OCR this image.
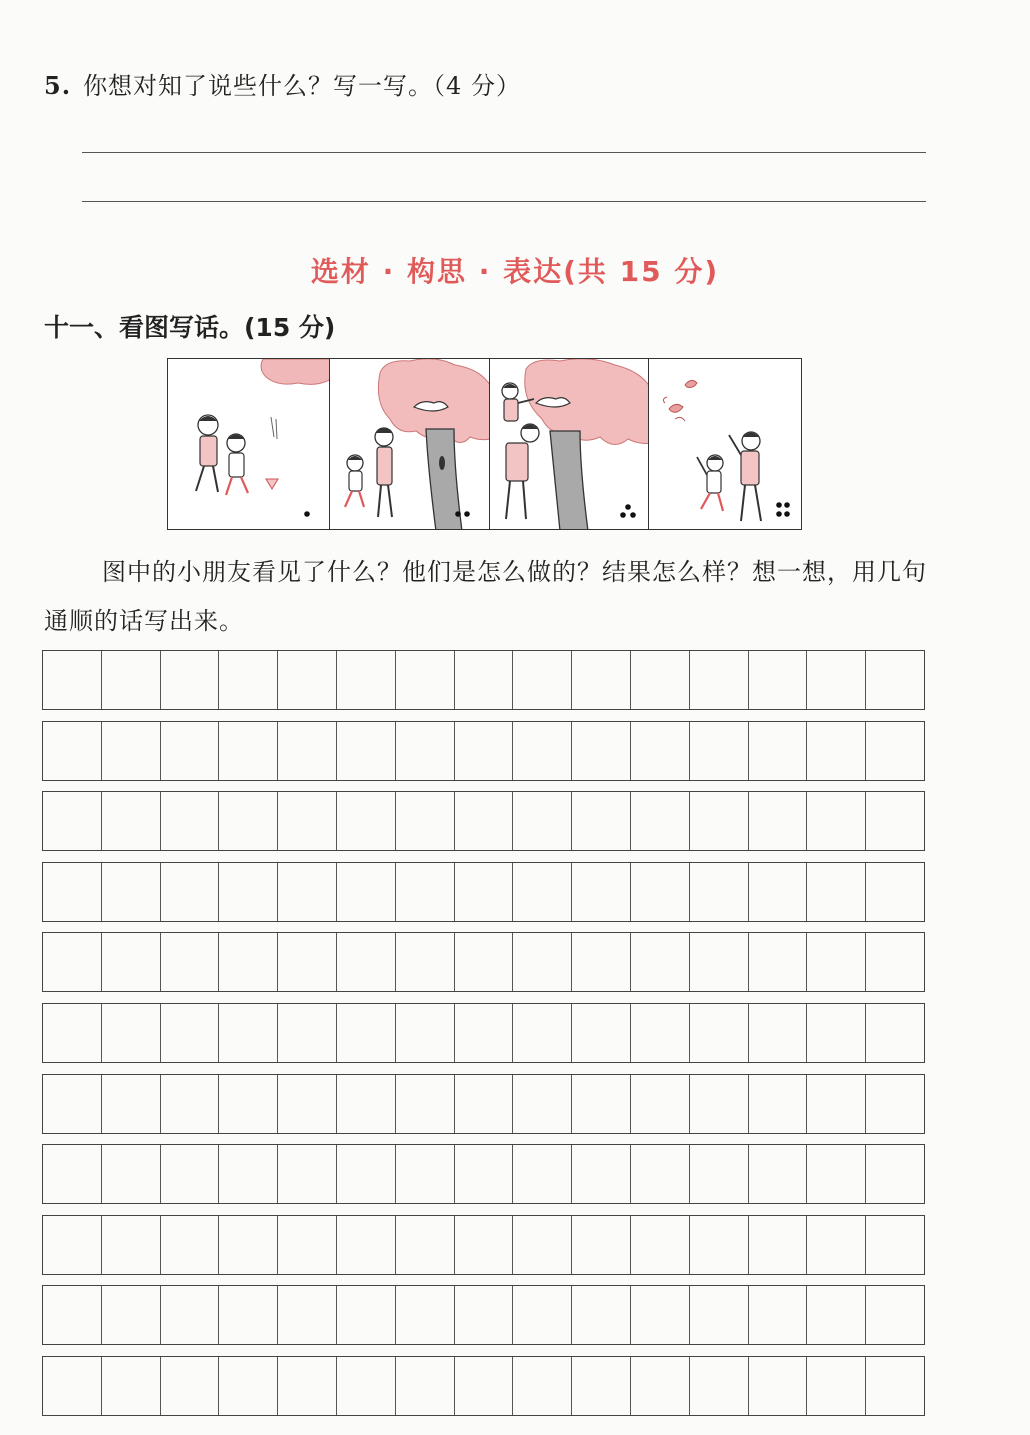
5. 你想对知了说些什么？写一写。（4 分）
选材 · 构思 · 表达(共 15 分)
十一、看图写话。(15 分)
图中的小朋友看见了什么？他们是怎么做的？结果怎么样？想一想，用几句通顺的话写出来。
